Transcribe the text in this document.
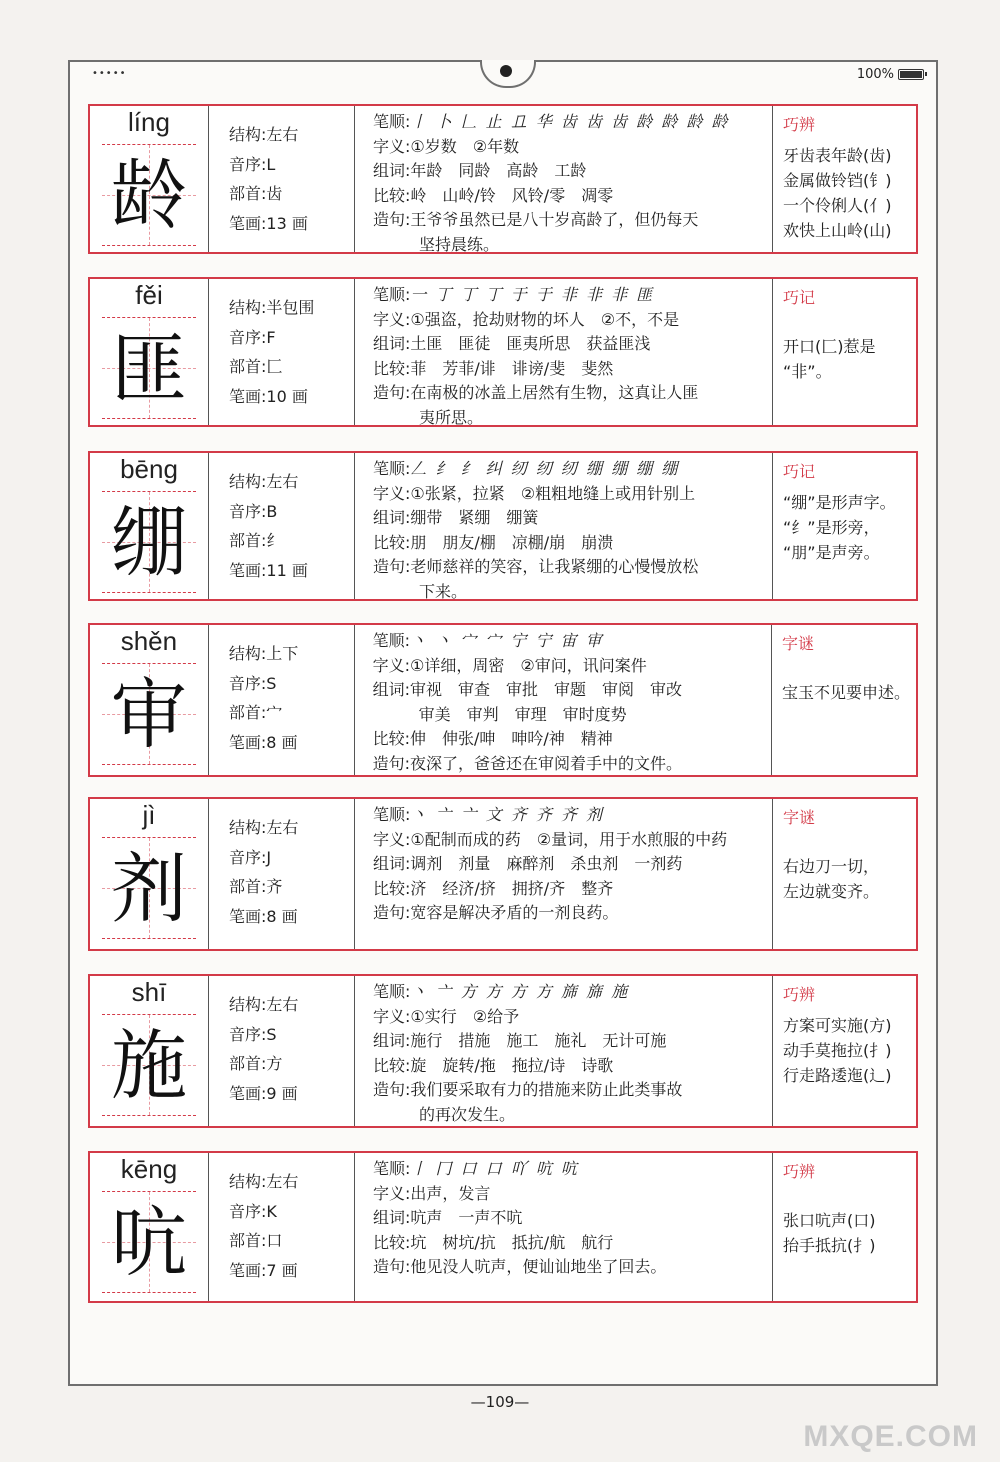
•••••	100%
líng
龄
结构:左右
音序:L
部首:齿
笔画:13 画
笔顺:丨 卜 𠃊 止 𠀃 华 齿 齿 齿 龄 龄 龄 龄
字义:①岁数　②年数
组词:年龄　同龄　高龄　工龄
比较:岭　山岭/铃　风铃/零　凋零
造句:王爷爷虽然已是八十岁高龄了，但仍每天
坚持晨练。
巧辨
牙齿表年龄(齿)
金属做铃铛(钅)
一个伶俐人(亻)
欢快上山岭(山)
fěi
匪
结构:半包围
音序:F
部首:匚
笔画:10 画
笔顺:一 丁 丁 丁 于 于 非 非 非 匪
字义:①强盗，抢劫财物的坏人　②不，不是
组词:土匪　匪徒　匪夷所思　获益匪浅
比较:菲　芳菲/诽　诽谤/斐　斐然
造句:在南极的冰盖上居然有生物，这真让人匪
夷所思。
巧记
开口(匚)惹是
“非”。
bēng
绷
结构:左右
音序:B
部首:纟
笔画:11 画
笔顺:𠃋 纟 纟 纠 纫 纫 纫 绷 绷 绷 绷
字义:①张紧，拉紧　②粗粗地缝上或用针别上
组词:绷带　紧绷　绷簧
比较:朋　朋友/棚　凉棚/崩　崩溃
造句:老师慈祥的笑容，让我紧绷的心慢慢放松
下来。
巧记
“绷”是形声字。
“纟”是形旁，
“朋”是声旁。
shěn
审
结构:上下
音序:S
部首:宀
笔画:8 画
笔顺:丶 丶 宀 宀 宁 宁 宙 审
字义:①详细，周密　②审问，讯问案件
组词:审视　审查　审批　审题　审阅　审改
审美　审判　审理　审时度势
比较:伸　伸张/呻　呻吟/神　精神
造句:夜深了，爸爸还在审阅着手中的文件。
字谜
宝玉不见要申述。
jì
剂
结构:左右
音序:J
部首:齐
笔画:8 画
笔顺:丶 亠 亠 文 齐 齐 齐 剂
字义:①配制而成的药　②量词，用于水煎服的中药
组词:调剂　剂量　麻醉剂　杀虫剂　一剂药
比较:济　经济/挤　拥挤/齐　整齐
造句:宽容是解决矛盾的一剂良药。
字谜
右边刀一切，
左边就变齐。
shī
施
结构:左右
音序:S
部首:方
笔画:9 画
笔顺:丶 亠 方 方 方 方 旆 旆 施
字义:①实行　②给予
组词:施行　措施　施工　施礼　无计可施
比较:旋　旋转/拖　拖拉/诗　诗歌
造句:我们要采取有力的措施来防止此类事故
的再次发生。
巧辨
方案可实施(方)
动手莫拖拉(扌)
行走路逶迤(辶)
kēng
吭
结构:左右
音序:K
部首:口
笔画:7 画
笔顺:丨 冂 口 口 吖 吭 吭
字义:出声，发言
组词:吭声　一声不吭
比较:坑　树坑/抗　抵抗/航　航行
造句:他见没人吭声，便讪讪地坐了回去。
巧辨
张口吭声(口)
抬手抵抗(扌)
—109—
MXQE.COM
